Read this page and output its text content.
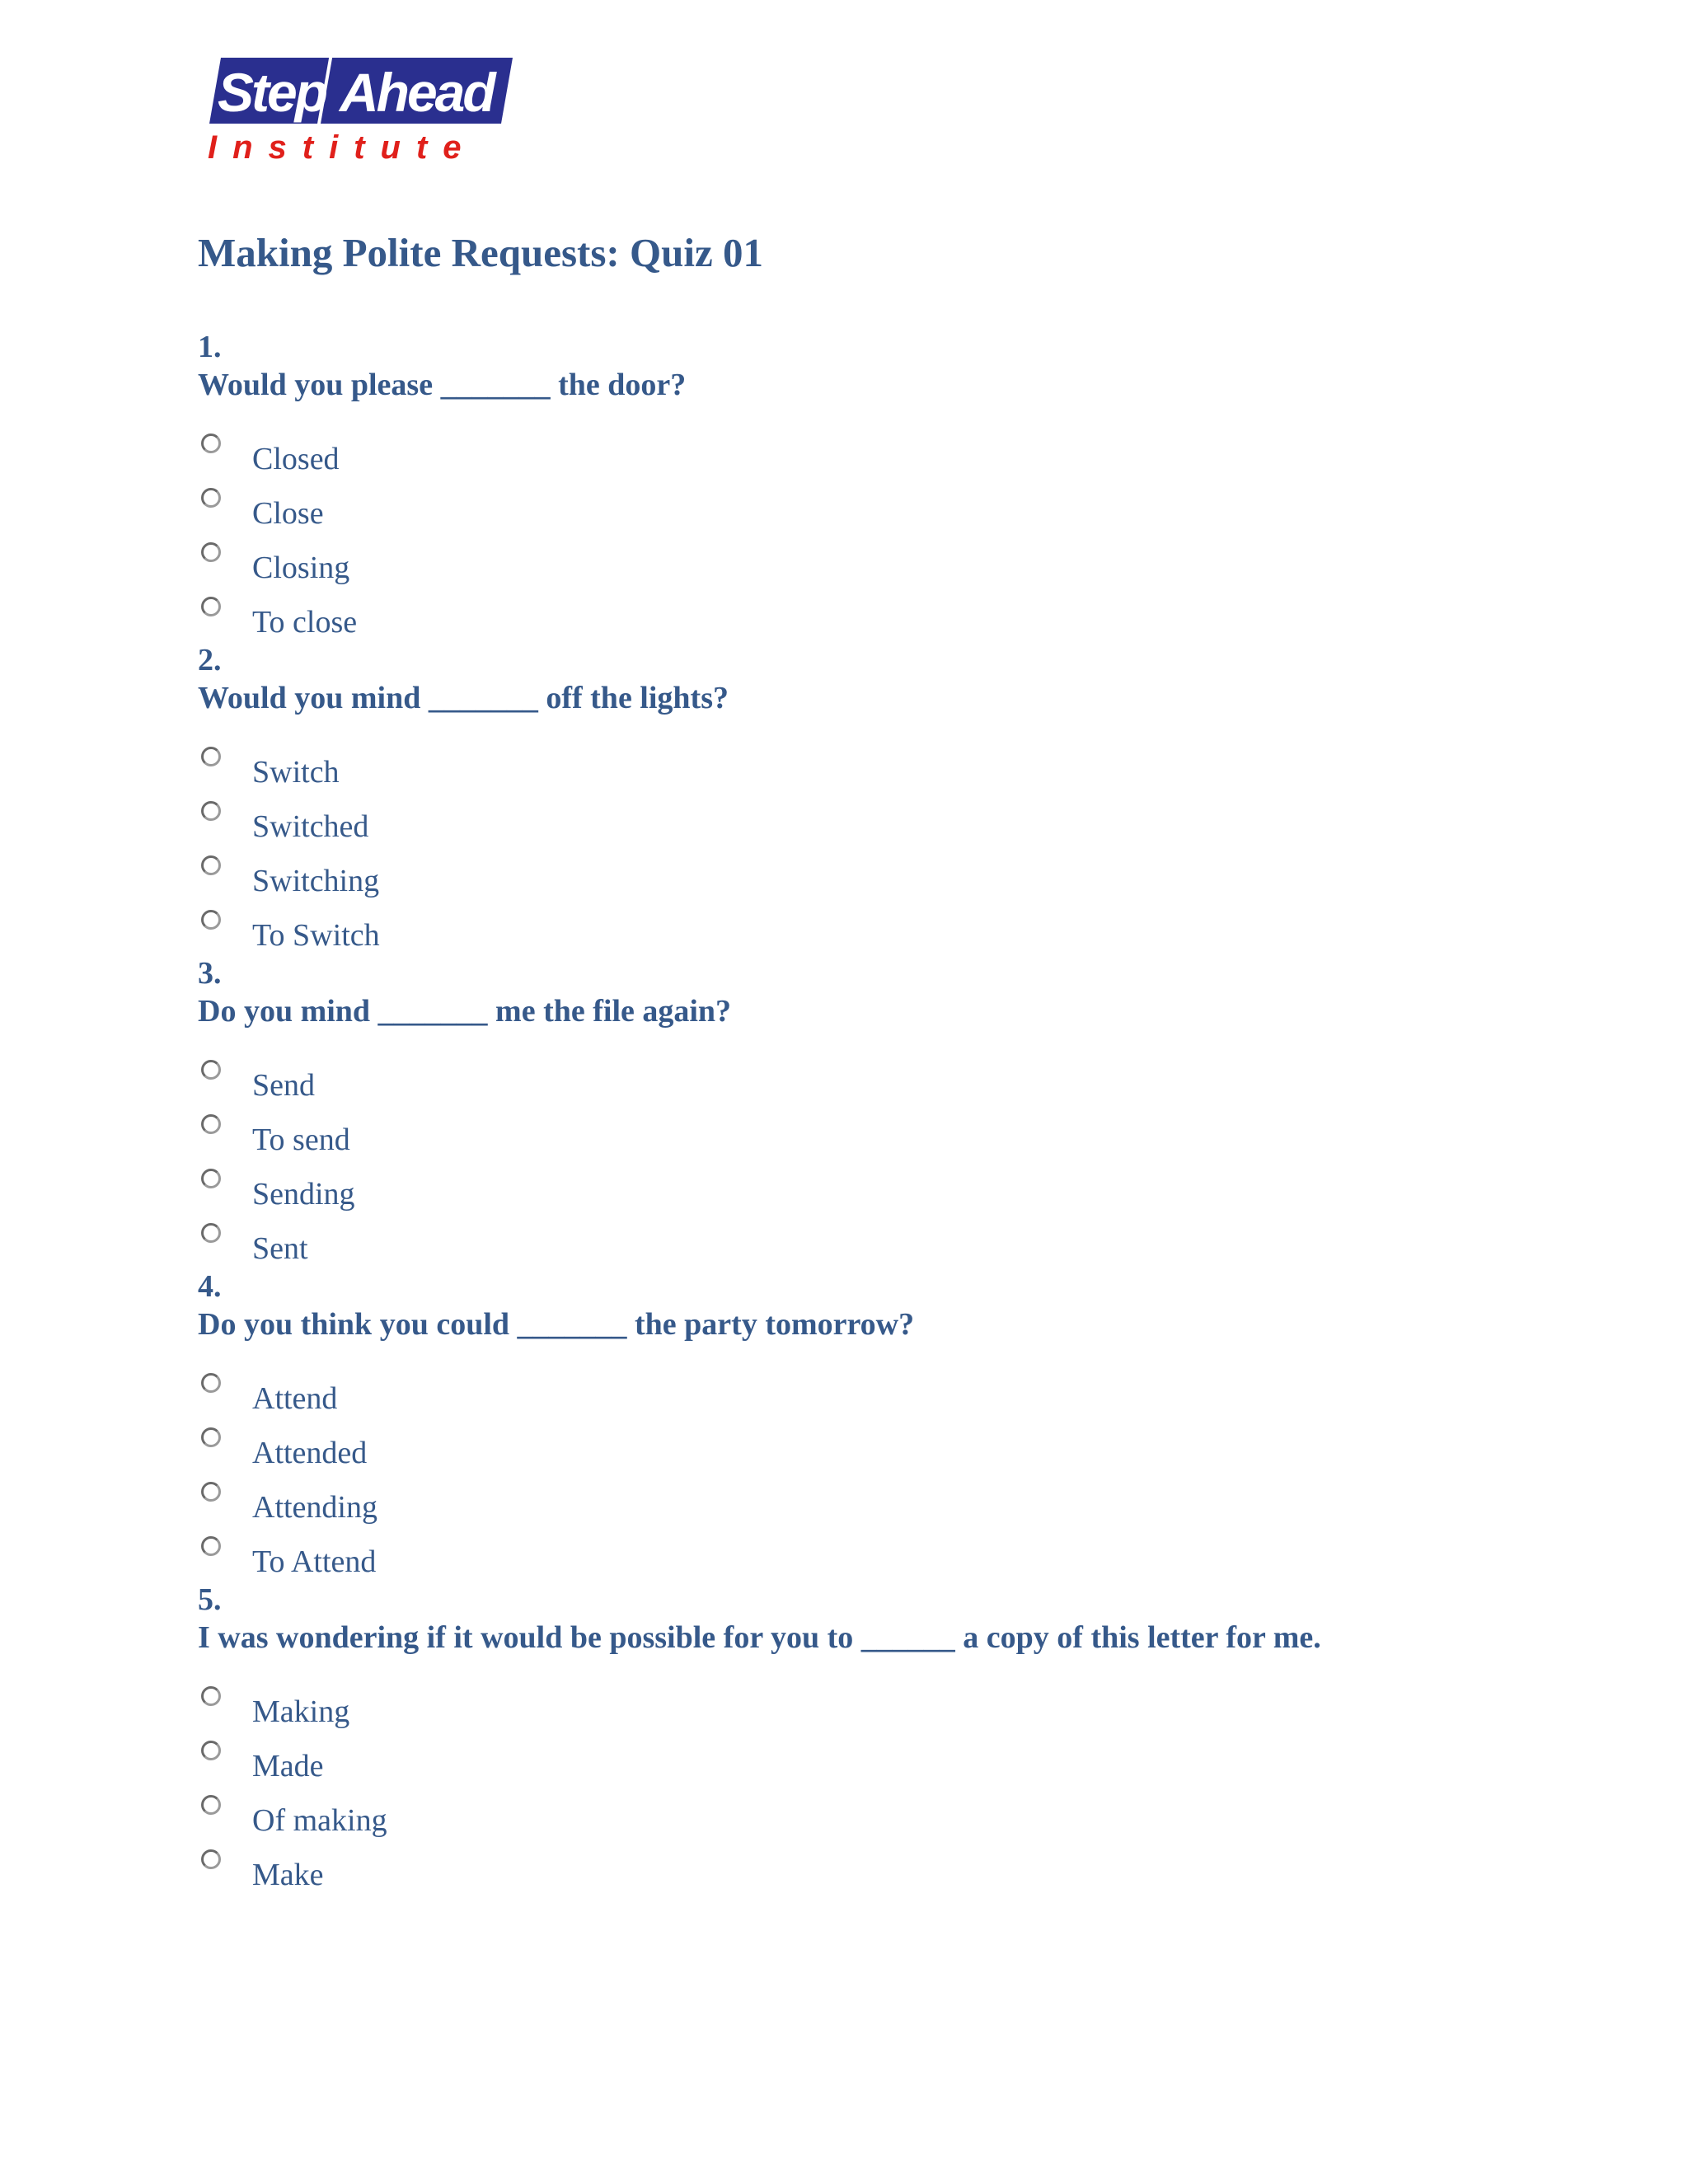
Step Ahead
Institute
Making Polite Requests: Quiz 01
1.
Would you please _______ the door?
Closed
Close
Closing
To close
2.
Would you mind _______ off the lights?
Switch
Switched
Switching
To Switch
3.
Do you mind _______ me the file again?
Send
To send
Sending
Sent
4.
Do you think you could _______ the party tomorrow?
Attend
Attended
Attending
To Attend
5.
I was wondering if it would be possible for you to ______ a copy of this letter for me.
Making
Made
Of making
Make
